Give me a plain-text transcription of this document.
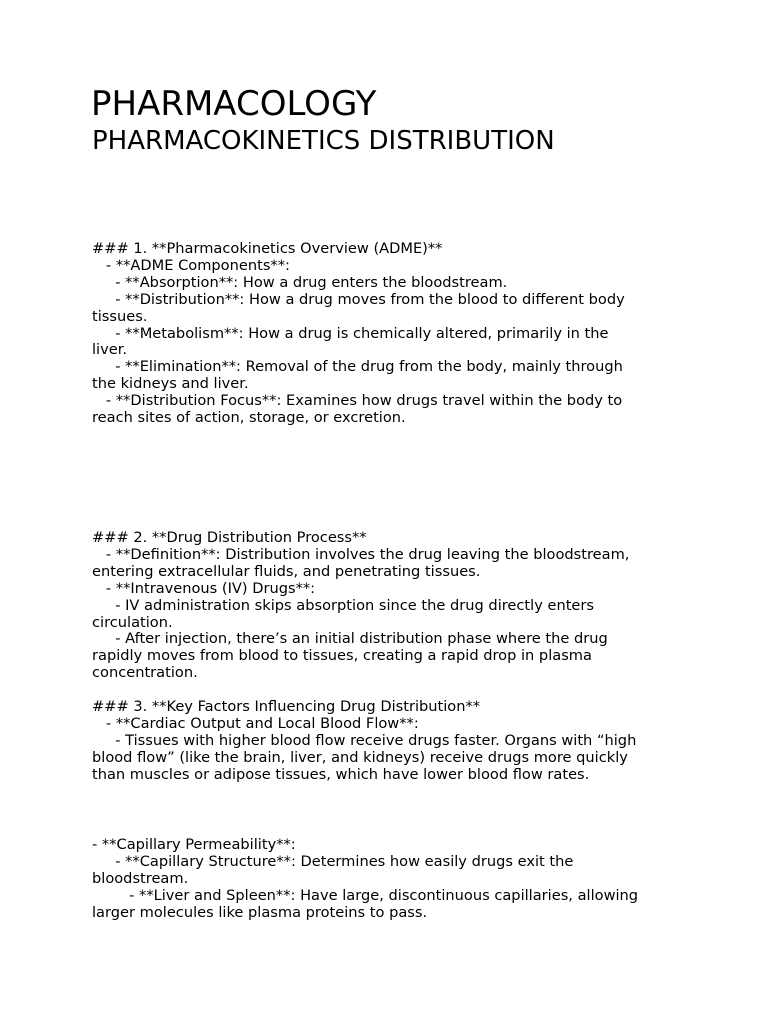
PHARMACOLOGY
PHARMACOKINETICS DISTRIBUTION
### 1. **Pharmacokinetics Overview (ADME)**
- **ADME Components**:
- **Absorption**: How a drug enters the bloodstream.
- **Distribution**: How a drug moves from the blood to different body
tissues.
- **Metabolism**: How a drug is chemically altered, primarily in the
liver.
- **Elimination**: Removal of the drug from the body, mainly through
the kidneys and liver.
- **Distribution Focus**: Examines how drugs travel within the body to
reach sites of action, storage, or excretion.
### 2. **Drug Distribution Process**
- **Definition**: Distribution involves the drug leaving the bloodstream,
entering extracellular fluids, and penetrating tissues.
- **Intravenous (IV) Drugs**:
- IV administration skips absorption since the drug directly enters
circulation.
- After injection, there’s an initial distribution phase where the drug
rapidly moves from blood to tissues, creating a rapid drop in plasma
concentration.
### 3. **Key Factors Influencing Drug Distribution**
- **Cardiac Output and Local Blood Flow**:
- Tissues with higher blood flow receive drugs faster. Organs with “high
blood flow” (like the brain, liver, and kidneys) receive drugs more quickly
than muscles or adipose tissues, which have lower blood flow rates.
- **Capillary Permeability**:
- **Capillary Structure**: Determines how easily drugs exit the
bloodstream.
- **Liver and Spleen**: Have large, discontinuous capillaries, allowing
larger molecules like plasma proteins to pass.
